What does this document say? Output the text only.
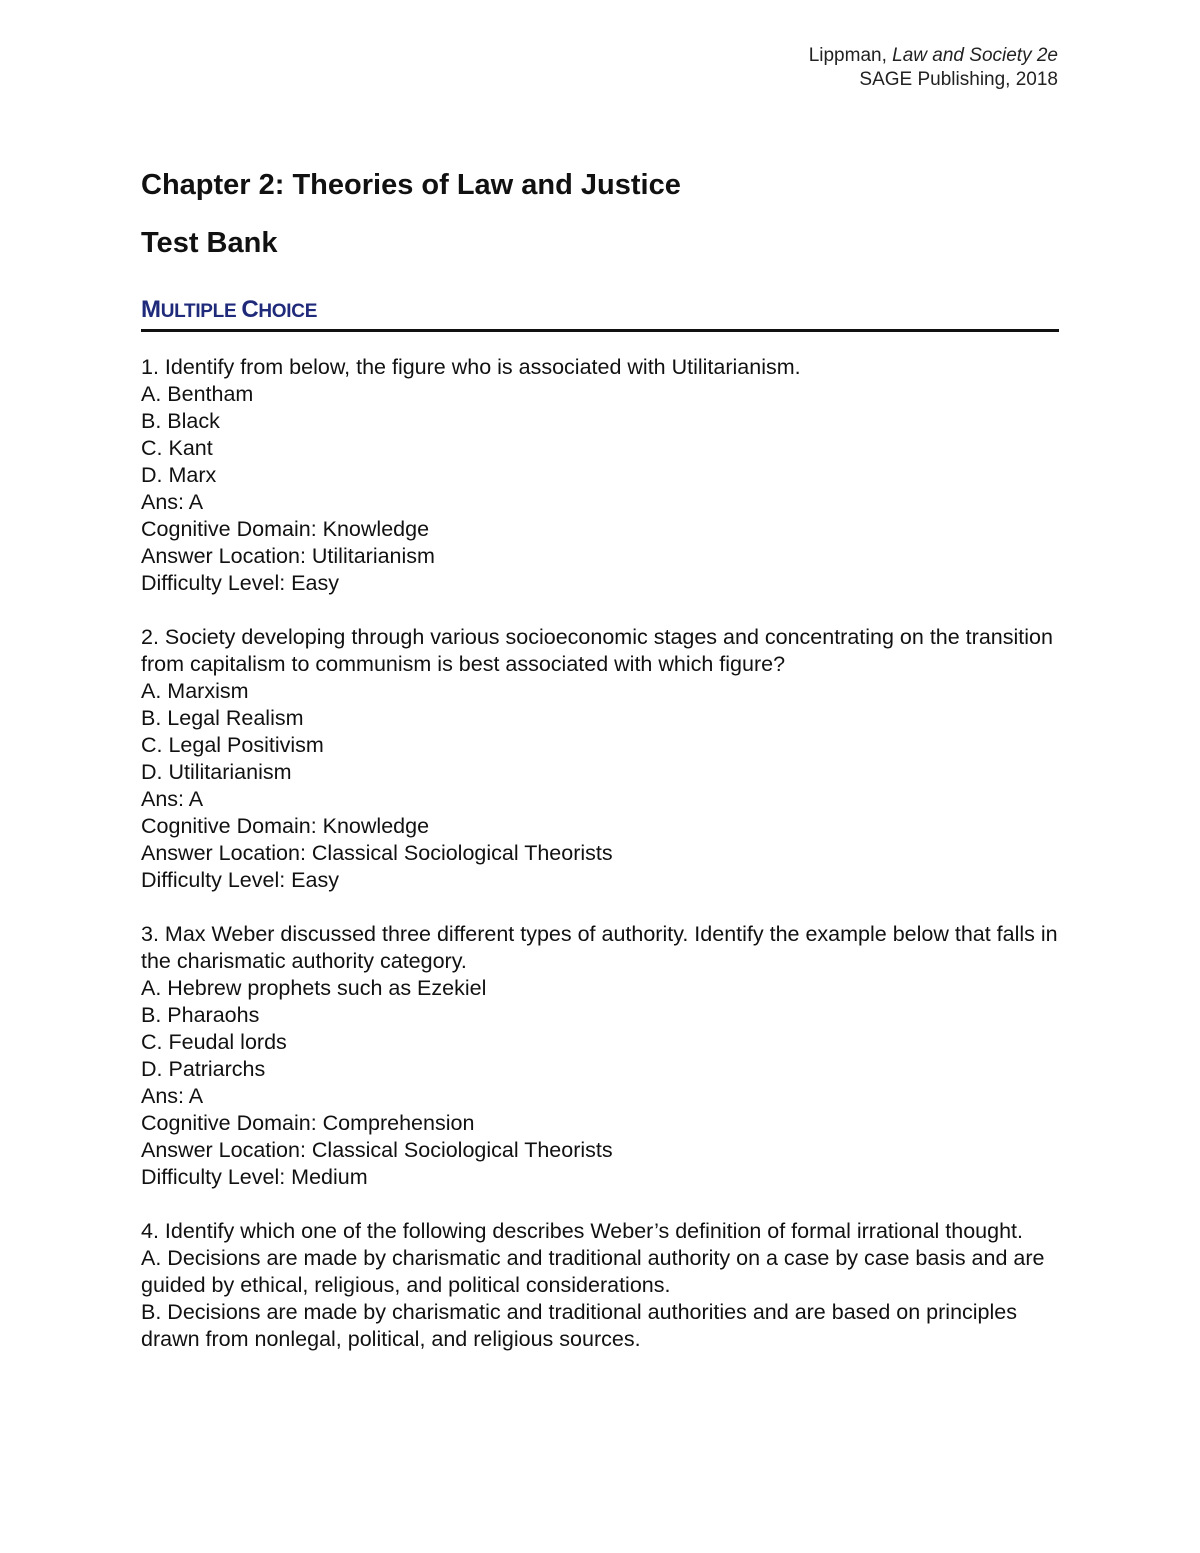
Lippman, Law and Society 2e
SAGE Publishing, 2018
Chapter 2: Theories of Law and Justice
Test Bank
MULTIPLE CHOICE

1. Identify from below, the figure who is associated with Utilitarianism.

A. Bentham

B. Black

C. Kant

D. Marx

Ans: A

Cognitive Domain: Knowledge

Answer Location: Utilitarianism

Difficulty Level: Easy

2. Society developing through various socioeconomic stages and concentrating on the transition from capitalism to communism is best associated with which figure?

A. Marxism

B. Legal Realism

C. Legal Positivism

D. Utilitarianism

Ans: A

Cognitive Domain: Knowledge

Answer Location: Classical Sociological Theorists

Difficulty Level: Easy

3. Max Weber discussed three different types of authority. Identify the example below that falls in the charismatic authority category.

A. Hebrew prophets such as Ezekiel

B. Pharaohs

C. Feudal lords

D. Patriarchs

Ans: A

Cognitive Domain: Comprehension

Answer Location: Classical Sociological Theorists

Difficulty Level: Medium

4. Identify which one of the following describes Weber’s definition of formal irrational thought.

A. Decisions are made by charismatic and traditional authority on a case by case basis and are guided by ethical, religious, and political considerations.

B. Decisions are made by charismatic and traditional authorities and are based on principles drawn from nonlegal, political, and religious sources.
